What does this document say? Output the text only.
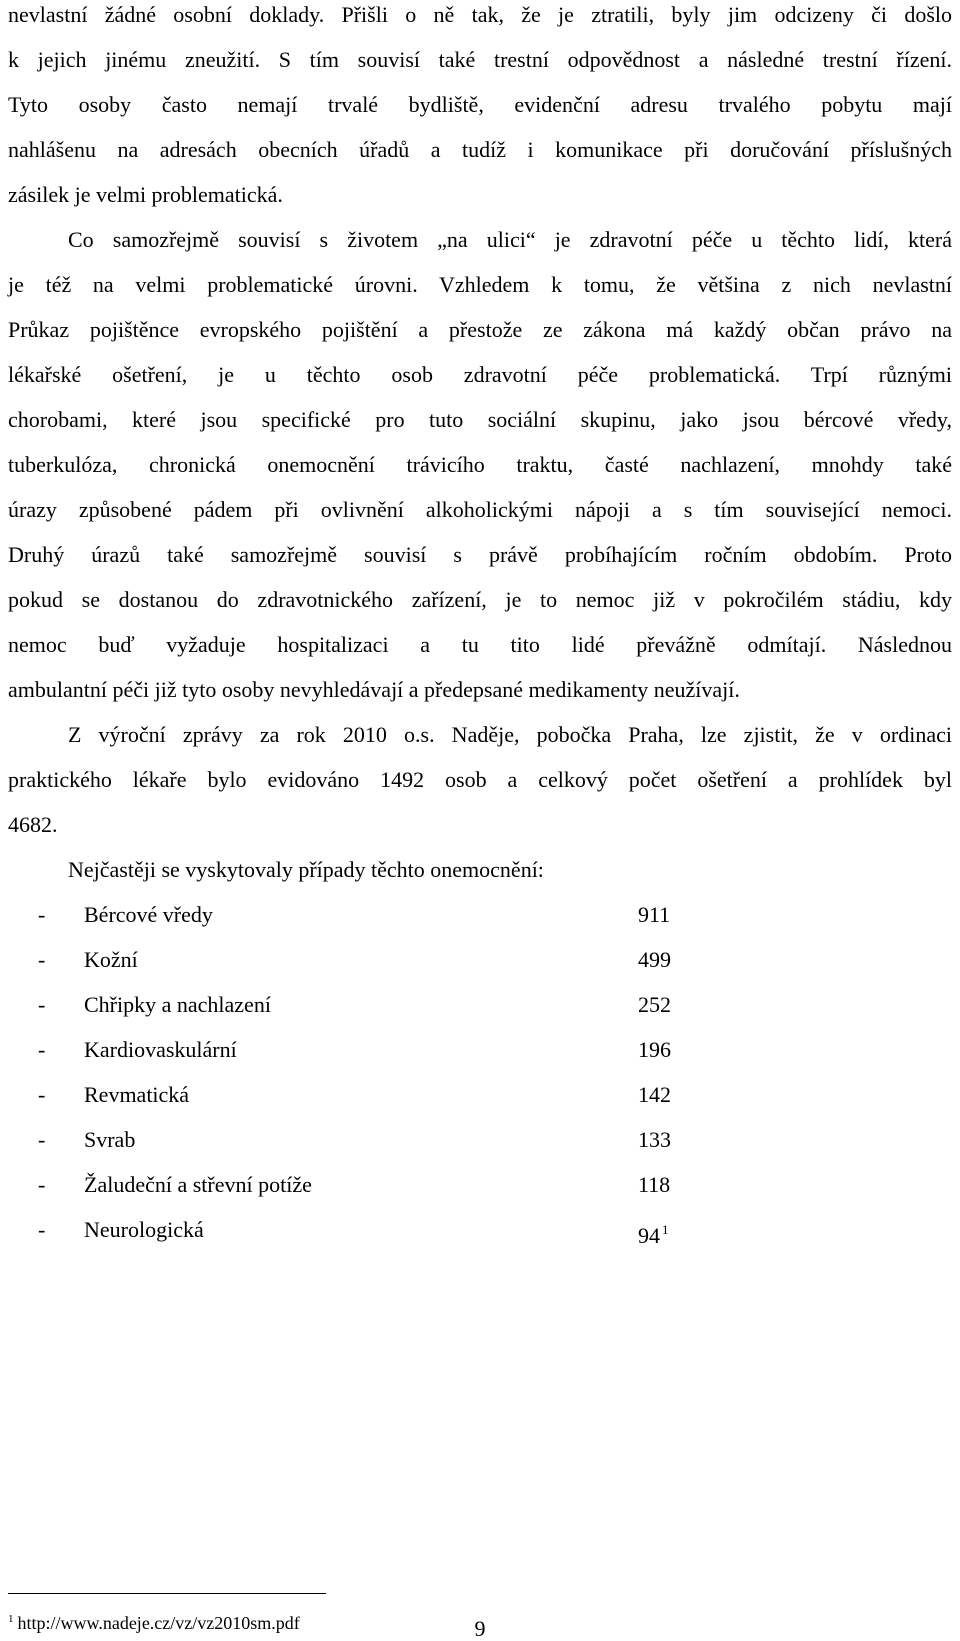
nevlastní žádné osobní doklady. Přišli o ně tak, že je ztratili, byly jim odcizeny či došlo
k jejich jinému zneužití. S tím souvisí také trestní odpovědnost a následné trestní řízení.
Tyto osoby často nemají trvalé bydliště, evidenční adresu trvalého pobytu mají
nahlášenu na adresách obecních úřadů a tudíž i komunikace při doručování příslušných
zásilek je velmi problematická.
Co samozřejmě souvisí s životem „na ulici“ je zdravotní péče u těchto lidí, která
je též na velmi problematické úrovni. Vzhledem k tomu, že většina z nich nevlastní
Průkaz pojištěnce evropského pojištění a přestože ze zákona má každý občan právo na
lékařské ošetření, je u těchto osob zdravotní péče problematická. Trpí různými
chorobami, které jsou specifické pro tuto sociální skupinu, jako jsou bércové vředy,
tuberkulóza, chronická onemocnění trávicího traktu, časté nachlazení, mnohdy také
úrazy způsobené pádem při ovlivnění alkoholickými nápoji a s tím související nemoci.
Druhý úrazů také samozřejmě souvisí s právě probíhajícím ročním obdobím. Proto
pokud se dostanou do zdravotnického zařízení, je to nemoc již v pokročilém stádiu, kdy
nemoc buď vyžaduje hospitalizaci a tu tito lidé převážně odmítají. Následnou
ambulantní péči již tyto osoby nevyhledávají a předepsané medikamenty neužívají.
Z výroční zprávy za rok 2010 o.s. Naděje, pobočka Praha, lze zjistit, že v ordinaci
praktického lékaře bylo evidováno 1492 osob a celkový počet ošetření a prohlídek byl
4682.
Nejčastěji se vyskytovaly případy těchto onemocnění:
- Bércové vředy	911
- Kožní	499
- Chřipky a nachlazení	252
- Kardiovaskulární	196
- Revmatická	142
- Svrab	133
- Žaludeční a střevní potíže	118
- Neurologická	94 $^1$
$^1$ http://www.nadeje.cz/vz/vz2010sm.pdf	9
